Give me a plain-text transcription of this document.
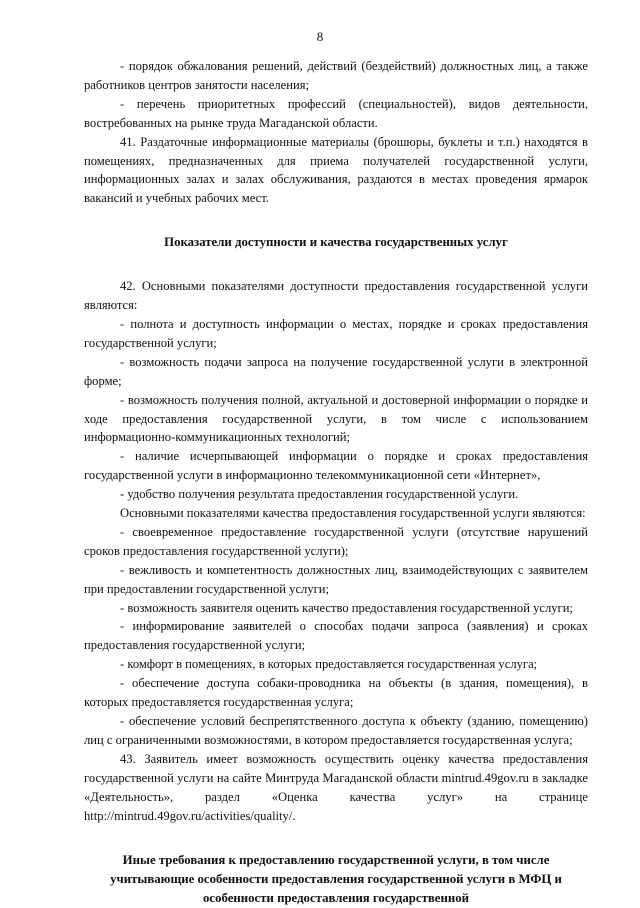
8

- порядок обжалования решений, действий (бездействий) должностных лиц, а также работников центров занятости населения;

- перечень приоритетных профессий (специальностей), видов деятельности, востребованных на рынке труда Магаданской области.

41. Раздаточные информационные материалы (брошюры, буклеты и т.п.) находятся в помещениях, предназначенных для приема получателей государственной услуги, информационных залах и залах обслуживания, раздаются в местах проведения ярмарок вакансий и учебных рабочих мест.

Показатели доступности и качества государственных услуг

42. Основными показателями доступности предоставления государственной услуги являются:

- полнота и доступность информации о местах, порядке и сроках предоставления государственной услуги;

- возможность подачи запроса на получение государственной услуги в электронной форме;

- возможность получения полной, актуальной и достоверной информации о порядке и ходе предоставления государственной услуги, в том числе с использованием информационно-коммуникационных технологий;

- наличие исчерпывающей информации о порядке и сроках предоставления государственной услуги в информационно телекоммуникационной сети «Интернет»,

- удобство получения результата предоставления государственной услуги.

Основными показателями качества предоставления государственной услуги являются:

- своевременное предоставление государственной услуги (отсутствие нарушений сроков предоставления государственной услуги);

- вежливость и компетентность должностных лиц, взаимодействующих с заявителем при предоставлении государственной услуги;

- возможность заявителя оценить качество предоставления государственной услуги;

- информирование заявителей о способах подачи запроса (заявления) и сроках предоставления государственной услуги;

- комфорт в помещениях, в которых предоставляется государственная услуга;

- обеспечение доступа собаки-проводника на объекты (в здания, помещения), в которых предоставляется государственная услуга;

- обеспечение условий беспрепятственного доступа к объекту (зданию, помещению) лиц с ограниченными возможностями, в котором предоставляется государственная услуга;

43. Заявитель имеет возможность осуществить оценку качества предоставления государственной услуги на сайте Минтруда Магаданской области mintrud.49gov.ru в закладке «Деятельность», раздел «Оценка качества услуг» на странице http://mintrud.49gov.ru/activities/quality/.

Иные требования к предоставлению государственной услуги, в том числе учитывающие особенности предоставления государственной услуги в МФЦ и особенности предоставления государственной
